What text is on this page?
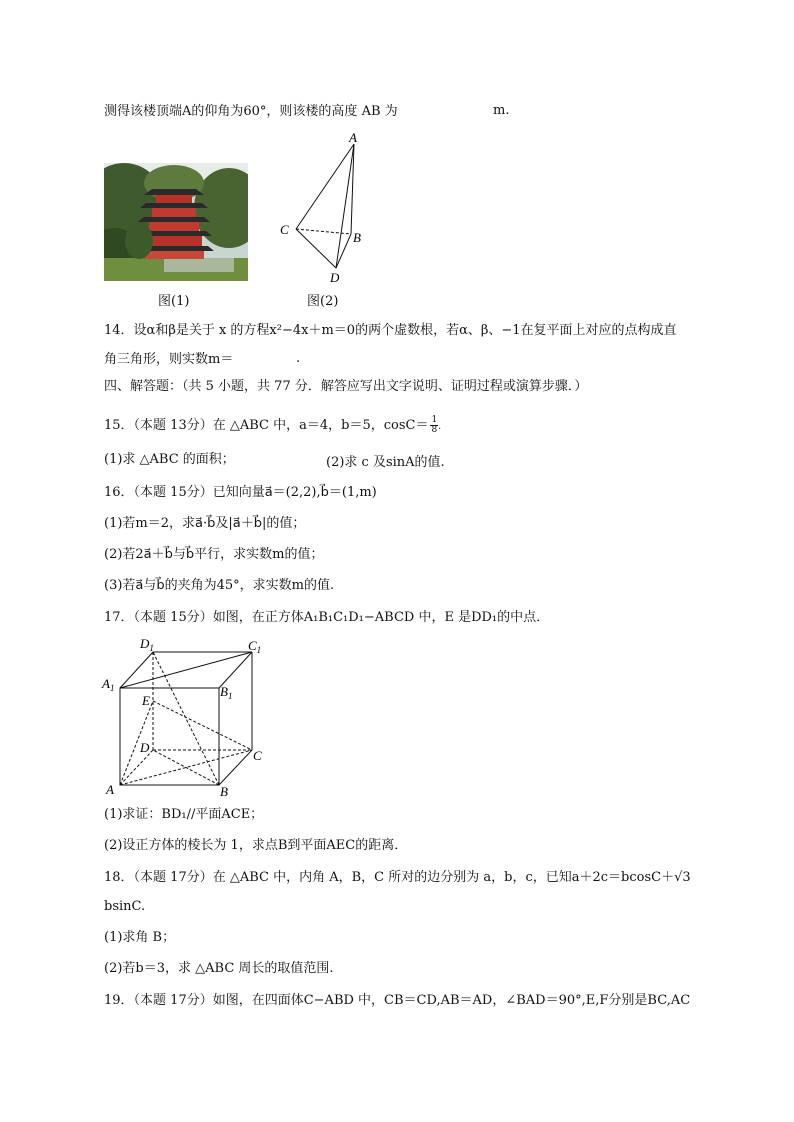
测得该楼顶端A的仰角为60°，则该楼的高度 AB 为	m.
图(1)
A
C
B
D
图(2)
14．设α和β是关于 x 的方程x²−4x＋m＝0的两个虚数根，若α、β、−1在复平面上对应的点构成直
角三角形，则实数m＝	.
四、解答题：（共 5 小题，共 77 分．解答应写出文字说明、证明过程或演算步骤．）
15．（本题 13分）在 △ABC 中，a＝4，b＝5，$\cos C= \frac{1}{8}$ .
(1)求 △ABC 的面积；	(2)求 c 及sinA的值.
16．（本题 15分）已知向量a⃗＝(2,2),b⃗＝(1,m)
(1)若m＝2，求a⃗·b⃗及|a⃗＋b⃗|的值；
(2)若2a⃗＋b⃗与b⃗平行，求实数m的值；
(3)若a⃗与b⃗的夹角为45°，求实数m的值.
17．（本题 15分）如图，在正方体A₁B₁C₁D₁−ABCD 中，E 是DD₁的中点．
$D_1$	$C_1$
$A_1$	$B_1$
E
D
C
A	B
(1)求证：BD₁//平面ACE；
(2)设正方体的棱长为 1，求点B到平面AEC的距离．
18．（本题 17分）在 △ABC 中，内角 A，B，C 所对的边分别为 a，b，c，已知a＋2c＝bcosC＋√3
bsinC.
(1)求角 B；
(2)若b＝3，求 △ABC 周长的取值范围.
19．（本题 17分）如图，在四面体C−ABD 中，CB＝CD,AB＝AD，∠BAD＝90°,E,F分别是BC,AC
